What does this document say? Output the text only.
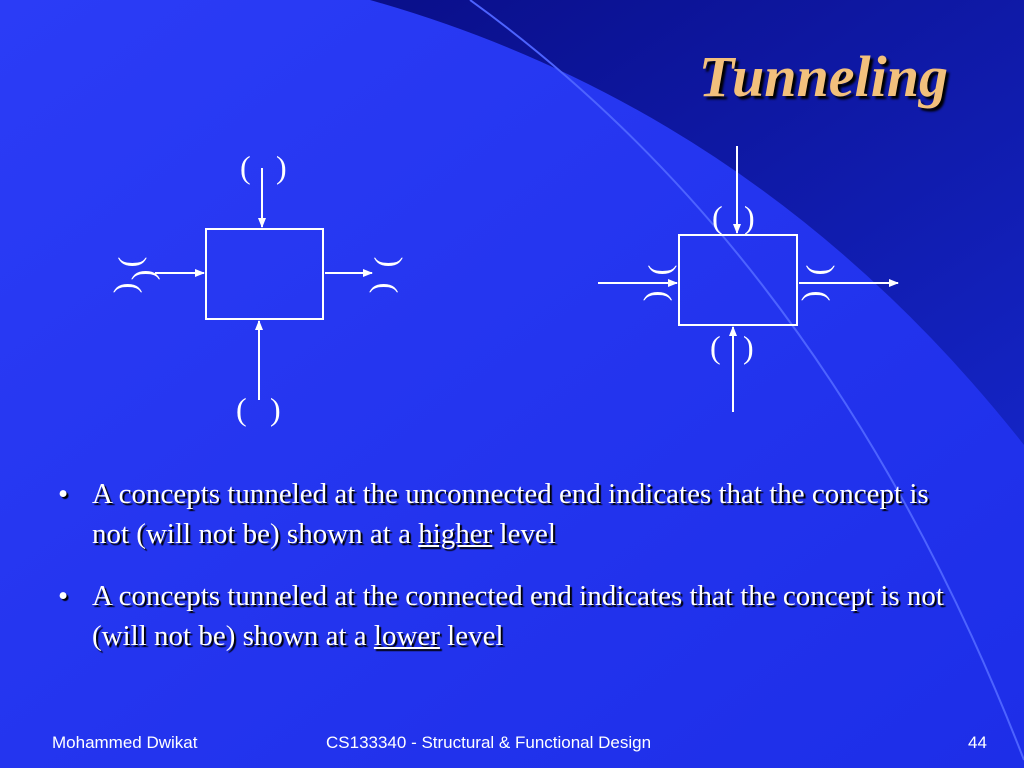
Tunneling
( )
( )
(
(
(
(
(
( )
( )
(
(
(
(
• A concepts tunneled at the unconnected end indicates that the concept is not (will not be) shown at a higher level
• A concepts tunneled at the connected end indicates that the concept is not (will not be) shown at a lower level
Mohammed Dwikat	CS133340 - Structural & Functional Design	44
